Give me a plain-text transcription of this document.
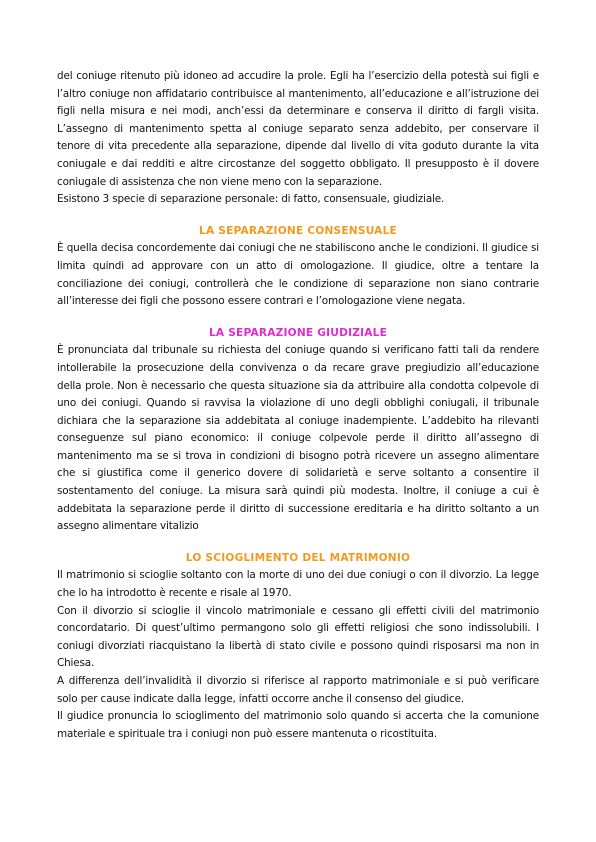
del coniuge ritenuto più idoneo ad accudire la prole. Egli ha l’esercizio della potestà sui figli e l’altro coniuge non affidatario contribuisce al mantenimento, all’educazione e all’istruzione dei figli nella misura e nei modi, anch’essi da determinare e conserva il diritto di fargli visita. L’assegno di mantenimento spetta al coniuge separato senza addebito, per conservare il tenore di vita precedente alla separazione, dipende dal livello di vita goduto durante la vita coniugale e dai redditi e altre circostanze del soggetto obbligato. Il presupposto è il dovere coniugale di assistenza che non viene meno con la separazione.

Esistono 3 specie di separazione personale: di fatto, consensuale, giudiziale.

LA SEPARAZIONE CONSENSUALE

È quella decisa concordemente dai coniugi che ne stabiliscono anche le condizioni. Il giudice si limita quindi ad approvare con un atto di omologazione. Il giudice, oltre a tentare la conciliazione dei coniugi, controllerà che le condizione di separazione non siano contrarie all’interesse dei figli che possono essere contrari e l’omologazione viene negata.

LA SEPARAZIONE GIUDIZIALE

È pronunciata dal tribunale su richiesta del coniuge quando si verificano fatti tali da rendere intollerabile la prosecuzione della convivenza o da recare grave pregiudizio all’educazione della prole. Non è necessario che questa situazione sia da attribuire alla condotta colpevole di uno dei coniugi. Quando si ravvisa la violazione di uno degli obblighi coniugali, il tribunale dichiara che la separazione sia addebitata al coniuge inadempiente. L’addebito ha rilevanti conseguenze sul piano economico: il coniuge colpevole perde il diritto all’assegno di mantenimento ma se si trova in condizioni di bisogno potrà ricevere un assegno alimentare che si giustifica come il generico dovere di solidarietà e serve soltanto a consentire il sostentamento del coniuge. La misura sarà quindi più modesta. Inoltre, il coniuge a cui è addebitata la separazione perde il diritto di successione ereditaria e ha diritto soltanto a un assegno alimentare vitalizio

LO SCIOGLIMENTO DEL MATRIMONIO

Il matrimonio si scioglie soltanto con la morte di uno dei due coniugi o con il divorzio. La legge che lo ha introdotto è recente e risale al 1970.

Con il divorzio si scioglie il vincolo matrimoniale e cessano gli effetti civili del matrimonio concordatario. Di quest’ultimo permangono solo gli effetti religiosi che sono indissolubili. I coniugi divorziati riacquistano la libertà di stato civile e possono quindi risposarsi ma non in Chiesa.

A differenza dell’invalidità il divorzio si riferisce al rapporto matrimoniale e si può verificare solo per cause indicate dalla legge, infatti occorre anche il consenso del giudice.

Il giudice pronuncia lo scioglimento del matrimonio solo quando si accerta che la comunione materiale e spirituale tra i coniugi non può essere mantenuta o ricostituita.
